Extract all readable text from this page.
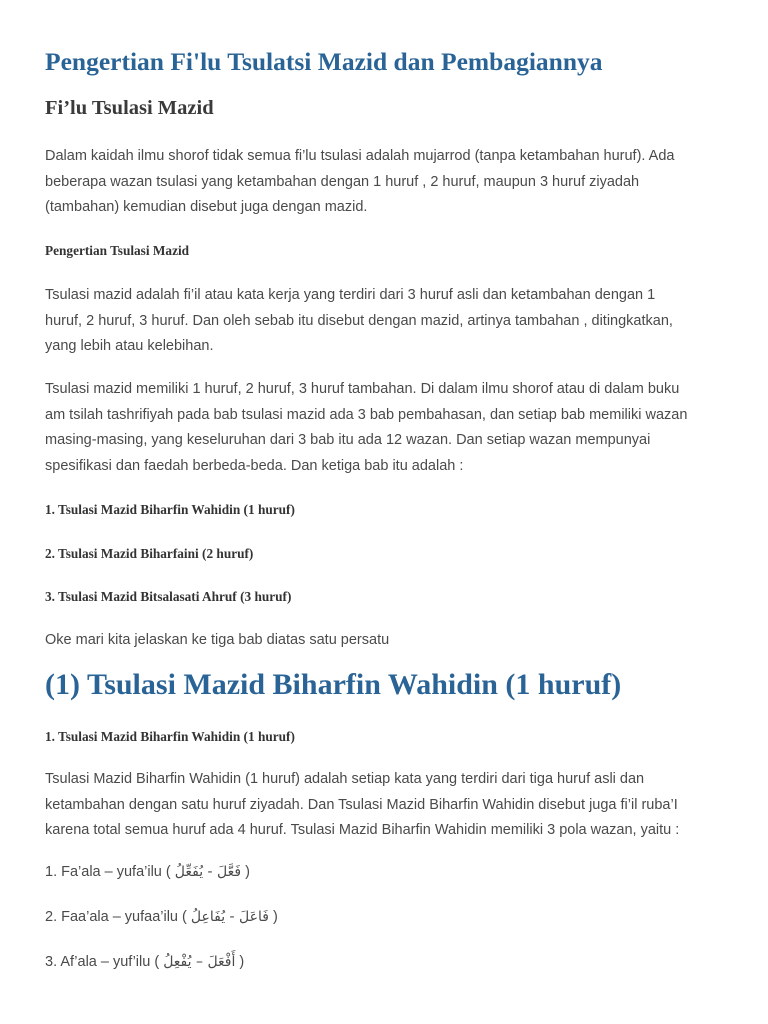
Pengertian Fi'lu Tsulatsi Mazid dan Pembagiannya
Fi’lu Tsulasi Mazid
Dalam kaidah ilmu shorof tidak semua fi’lu tsulasi adalah mujarrod (tanpa ketambahan huruf). Ada
beberapa wazan tsulasi yang ketambahan dengan 1 huruf , 2 huruf, maupun 3 huruf ziyadah
(tambahan) kemudian disebut juga dengan mazid.
Pengertian Tsulasi Mazid
Tsulasi mazid adalah fi’il atau kata kerja yang terdiri dari 3 huruf asli dan ketambahan dengan 1
huruf, 2 huruf, 3 huruf. Dan oleh sebab itu disebut dengan mazid, artinya tambahan , ditingkatkan,
yang lebih atau kelebihan.
Tsulasi mazid memiliki 1 huruf, 2 huruf, 3 huruf tambahan. Di dalam ilmu shorof atau di dalam buku
am tsilah tashrifiyah pada bab tsulasi mazid ada 3 bab pembahasan, dan setiap bab memiliki wazan
masing-masing, yang keseluruhan dari 3 bab itu ada 12 wazan. Dan setiap wazan mempunyai
spesifikasi dan faedah berbeda-beda. Dan ketiga bab itu adalah :
1. Tsulasi Mazid Biharfin Wahidin (1 huruf)
2. Tsulasi Mazid Biharfaini (2 huruf)
3. Tsulasi Mazid Bitsalasati Ahruf (3 huruf)
Oke mari kita jelaskan ke tiga bab diatas satu persatu
(1) Tsulasi Mazid Biharfin Wahidin (1 huruf)
1. Tsulasi Mazid Biharfin Wahidin (1 huruf)
Tsulasi Mazid Biharfin Wahidin (1 huruf) adalah setiap kata yang terdiri dari tiga huruf asli dan
ketambahan dengan satu huruf ziyadah. Dan Tsulasi Mazid Biharfin Wahidin disebut juga fi’il ruba’I
karena total semua huruf ada 4 huruf. Tsulasi Mazid Biharfin Wahidin memiliki 3 pola wazan, yaitu :
1. Fa’ala – yufa’ilu ( فَعَّلَ - يُفَعِّلُ )
2. Faa’ala – yufaa’ilu ( فَاعَلَ - يُفَاعِلُ )
3. Af’ala – yuf’ilu ( أَفْعَلَ – يُفْعِلُ )
